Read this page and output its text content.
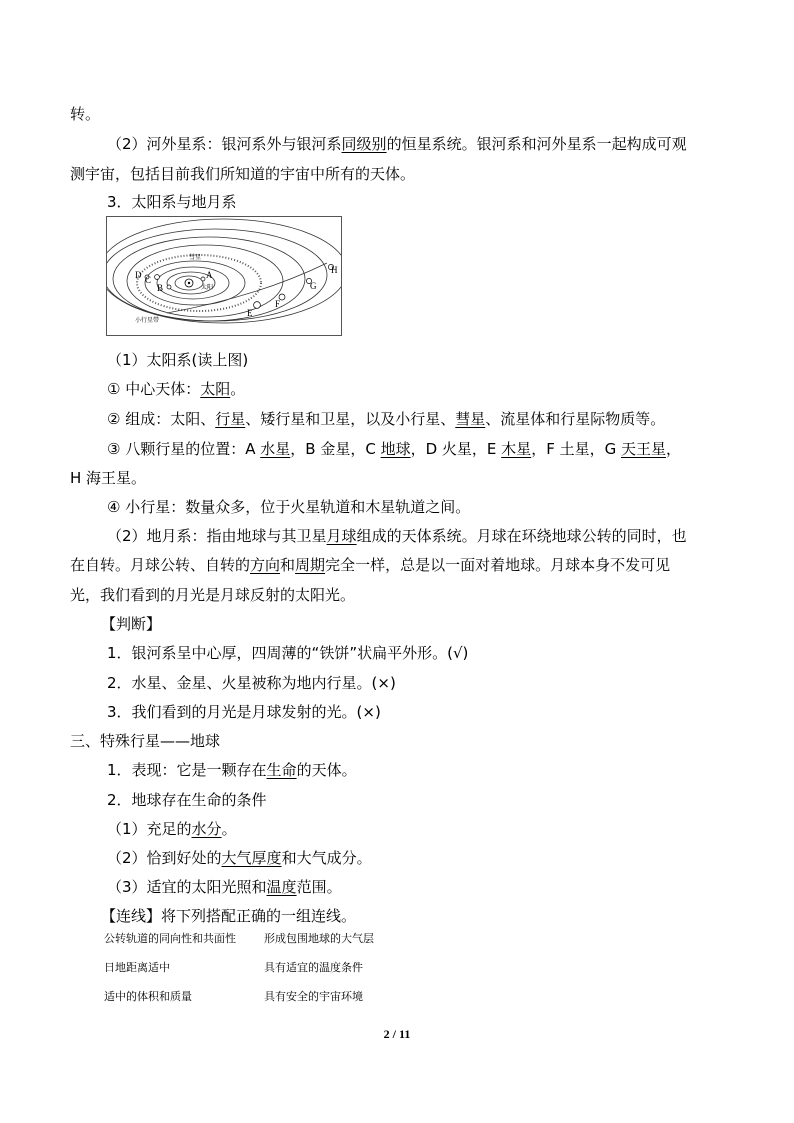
转。
（2）河外星系：银河系外与银河系同级别的恒星系统。银河系和河外星系一起构成可观
测宇宙，包括目前我们所知道的宇宙中所有的天体。
3．太阳系与地月系
A
B
C
D
E
F
G
H
太阳
彗星
小行星带
（1）太阳系(读上图)
① 中心天体：太阳。
② 组成：太阳、行星、矮行星和卫星，以及小行星、彗星、流星体和行星际物质等。
③ 八颗行星的位置：A 水星，B 金星，C 地球，D 火星，E 木星，F 土星，G 天王星，
H 海王星。
④ 小行星：数量众多，位于火星轨道和木星轨道之间。
（2）地月系：指由地球与其卫星月球组成的天体系统。月球在环绕地球公转的同时，也
在自转。月球公转、自转的方向和周期完全一样，总是以一面对着地球。月球本身不发可见
光，我们看到的月光是月球反射的太阳光。
【判断】
1．银河系呈中心厚，四周薄的“铁饼”状扁平外形。(√)
2．水星、金星、火星被称为地内行星。(×)
3．我们看到的月光是月球发射的光。(×)
三、特殊行星——地球
1．表现：它是一颗存在生命的天体。
2．地球存在生命的条件
（1）充足的水分。
（2）恰到好处的大气厚度和大气成分。
（3）适宜的太阳光照和温度范围。
【连线】将下列搭配正确的一组连线。
公转轨道的同向性和共面性	形成包围地球的大气层
日地距离适中	具有适宜的温度条件
适中的体积和质量	具有安全的宇宙环境
2 / 11
